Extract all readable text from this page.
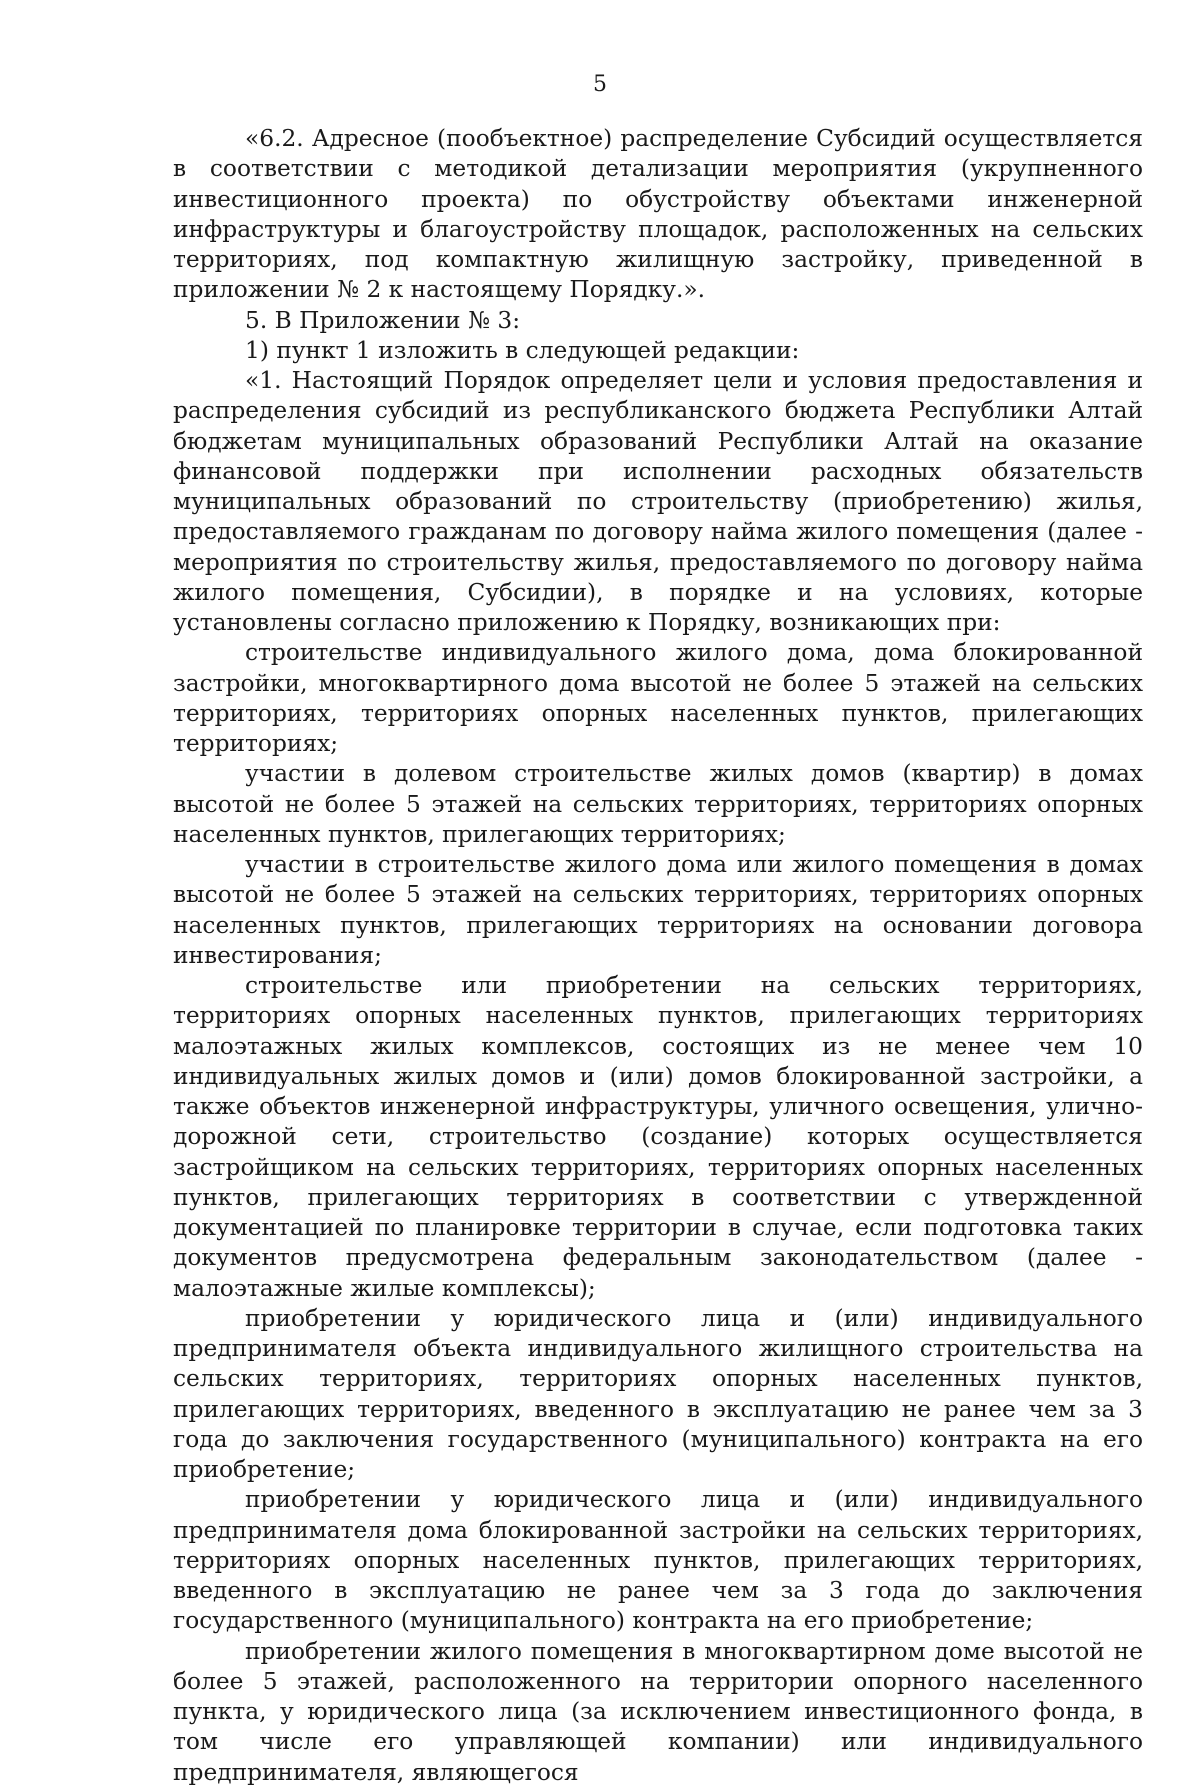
5

«6.2. Адресное (пообъектное) распределение Субсидий осуществляется в соответствии с методикой детализации мероприятия (укрупненного инвестиционного проекта) по обустройству объектами инженерной инфраструктуры и благоустройству площадок, расположенных на сельских территориях, под компактную жилищную застройку, приведенной в приложении № 2 к настоящему Порядку.».

5. В Приложении № 3:

1) пункт 1 изложить в следующей редакции:

«1. Настоящий Порядок определяет цели и условия предоставления и распределения субсидий из республиканского бюджета Республики Алтай бюджетам муниципальных образований Республики Алтай на оказание финансовой поддержки при исполнении расходных обязательств муниципальных образований по строительству (приобретению) жилья, предоставляемого гражданам по договору найма жилого помещения (далее - мероприятия по строительству жилья, предоставляемого по договору найма жилого помещения, Субсидии), в порядке и на условиях, которые установлены согласно приложению к Порядку, возникающих при:

строительстве индивидуального жилого дома, дома блокированной застройки, многоквартирного дома высотой не более 5 этажей на сельских территориях, территориях опорных населенных пунктов, прилегающих территориях;

участии в долевом строительстве жилых домов (квартир) в домах высотой не более 5 этажей на сельских территориях, территориях опорных населенных пунктов, прилегающих территориях;

участии в строительстве жилого дома или жилого помещения в домах высотой не более 5 этажей на сельских территориях, территориях опорных населенных пунктов, прилегающих территориях на основании договора инвестирования;

строительстве или приобретении на сельских территориях, территориях опорных населенных пунктов, прилегающих территориях малоэтажных жилых комплексов, состоящих из не менее чем 10 индивидуальных жилых домов и (или) домов блокированной застройки, а также объектов инженерной инфраструктуры, уличного освещения, улично-дорожной сети, строительство (создание) которых осуществляется застройщиком на сельских территориях, территориях опорных населенных пунктов, прилегающих территориях в соответствии с утвержденной документацией по планировке территории в случае, если подготовка таких документов предусмотрена федеральным законодательством (далее - малоэтажные жилые комплексы);

приобретении у юридического лица и (или) индивидуального предпринимателя объекта индивидуального жилищного строительства на сельских территориях, территориях опорных населенных пунктов, прилегающих территориях, введенного в эксплуатацию не ранее чем за 3 года до заключения государственного (муниципального) контракта на его приобретение;

приобретении у юридического лица и (или) индивидуального предпринимателя дома блокированной застройки на сельских территориях, территориях опорных населенных пунктов, прилегающих территориях, введенного в эксплуатацию не ранее чем за 3 года до заключения государственного (муниципального) контракта на его приобретение;

приобретении жилого помещения в многоквартирном доме высотой не более 5 этажей, расположенного на территории опорного населенного пункта, у юридического лица (за исключением инвестиционного фонда, в том числе его управляющей компании) или индивидуального предпринимателя, являющегося
